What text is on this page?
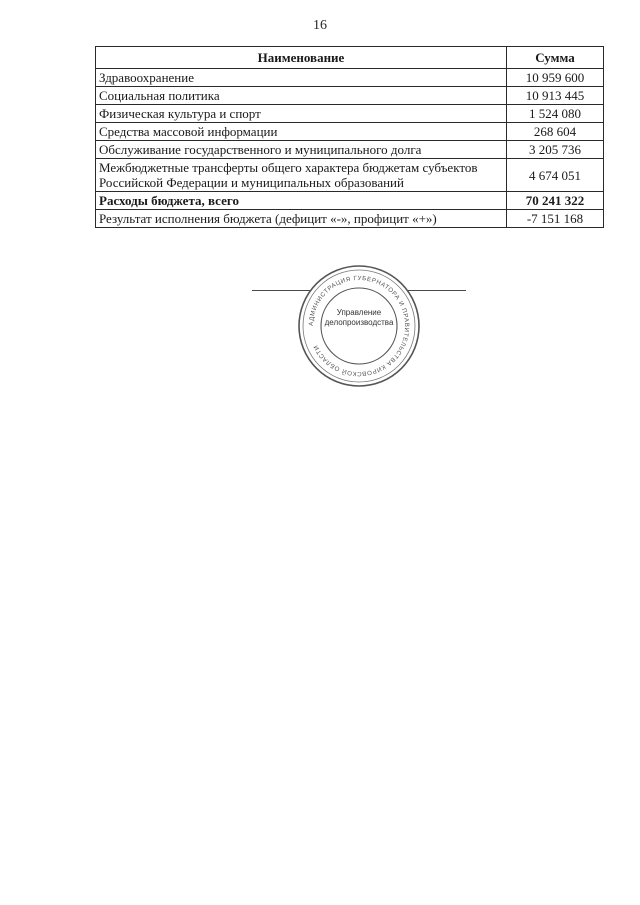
16
Наименование	Сумма
Здравоохранение	10 959 600
Социальная политика	10 913 445
Физическая культура и спорт	1 524 080
Средства массовой информации	268 604
Обслуживание государственного и муниципального долга	3 205 736
Межбюджетные трансферты общего характера бюджетам субъектов Российской Федерации и муниципальных образований	4 674 051
Расходы бюджета, всего	70 241 322
Результат исполнения бюджета (дефицит «-», профицит «+»)	-7 151 168
АДМИНИСТРАЦИЯ ГУБЕРНАТОРА И ПРАВИТЕЛЬСТВА КИРОВСКОЙ ОБЛАСТИ
Управление
делопроизводства
